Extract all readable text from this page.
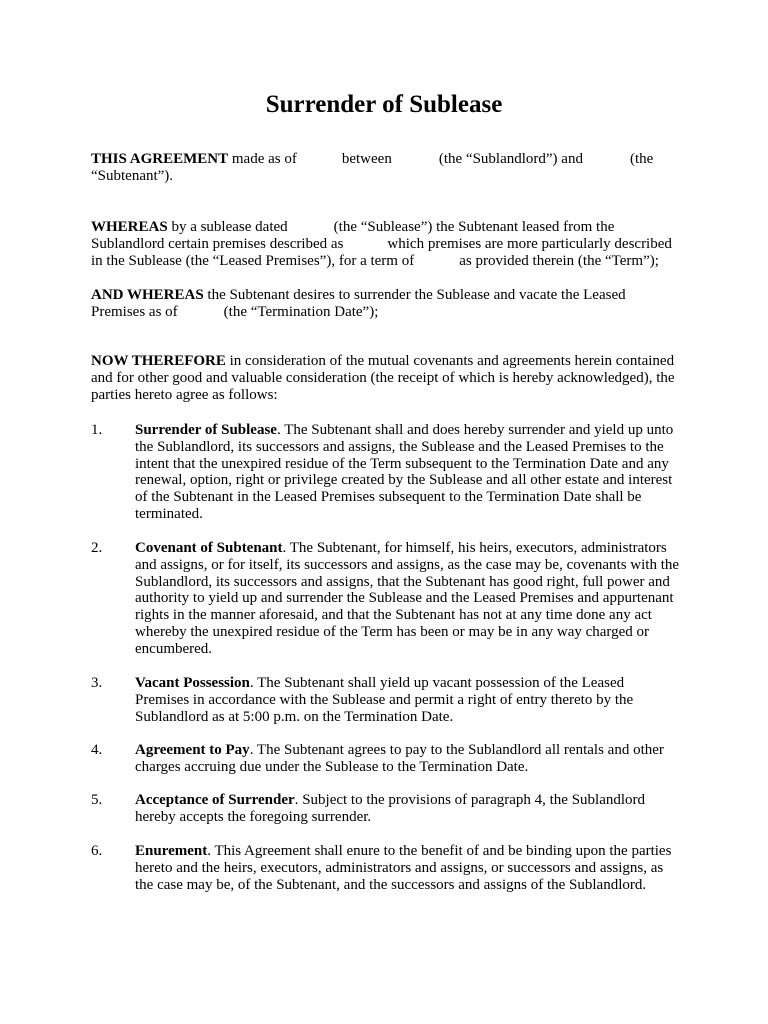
Surrender of Sublease
THIS AGREEMENT made as of	between	(the “Sublandlord”) and	(the
“Subtenant”).
WHEREAS by a sublease dated	(the “Sublease”) the Subtenant leased from the
Sublandlord certain premises described as	which premises are more particularly described
in the Sublease (the “Leased Premises”), for a term of	as provided therein (the “Term”);
AND WHEREAS the Subtenant desires to surrender the Sublease and vacate the Leased
Premises as of	(the “Termination Date”);
NOW THEREFORE in consideration of the mutual covenants and agreements herein contained
and for other good and valuable consideration (the receipt of which is hereby acknowledged), the
parties hereto agree as follows:
1. Surrender of Sublease. The Subtenant shall and does hereby surrender and yield up unto
the Sublandlord, its successors and assigns, the Sublease and the Leased Premises to the
intent that the unexpired residue of the Term subsequent to the Termination Date and any
renewal, option, right or privilege created by the Sublease and all other estate and interest
of the Subtenant in the Leased Premises subsequent to the Termination Date shall be
terminated.
2. Covenant of Subtenant. The Subtenant, for himself, his heirs, executors, administrators
and assigns, or for itself, its successors and assigns, as the case may be, covenants with the
Sublandlord, its successors and assigns, that the Subtenant has good right, full power and
authority to yield up and surrender the Sublease and the Leased Premises and appurtenant
rights in the manner aforesaid, and that the Subtenant has not at any time done any act
whereby the unexpired residue of the Term has been or may be in any way charged or
encumbered.
3. Vacant Possession. The Subtenant shall yield up vacant possession of the Leased
Premises in accordance with the Sublease and permit a right of entry thereto by the
Sublandlord as at 5:00 p.m. on the Termination Date.
4. Agreement to Pay. The Subtenant agrees to pay to the Sublandlord all rentals and other
charges accruing due under the Sublease to the Termination Date.
5. Acceptance of Surrender. Subject to the provisions of paragraph 4, the Sublandlord
hereby accepts the foregoing surrender.
6. Enurement. This Agreement shall enure to the benefit of and be binding upon the parties
hereto and the heirs, executors, administrators and assigns, or successors and assigns, as
the case may be, of the Subtenant, and the successors and assigns of the Sublandlord.
